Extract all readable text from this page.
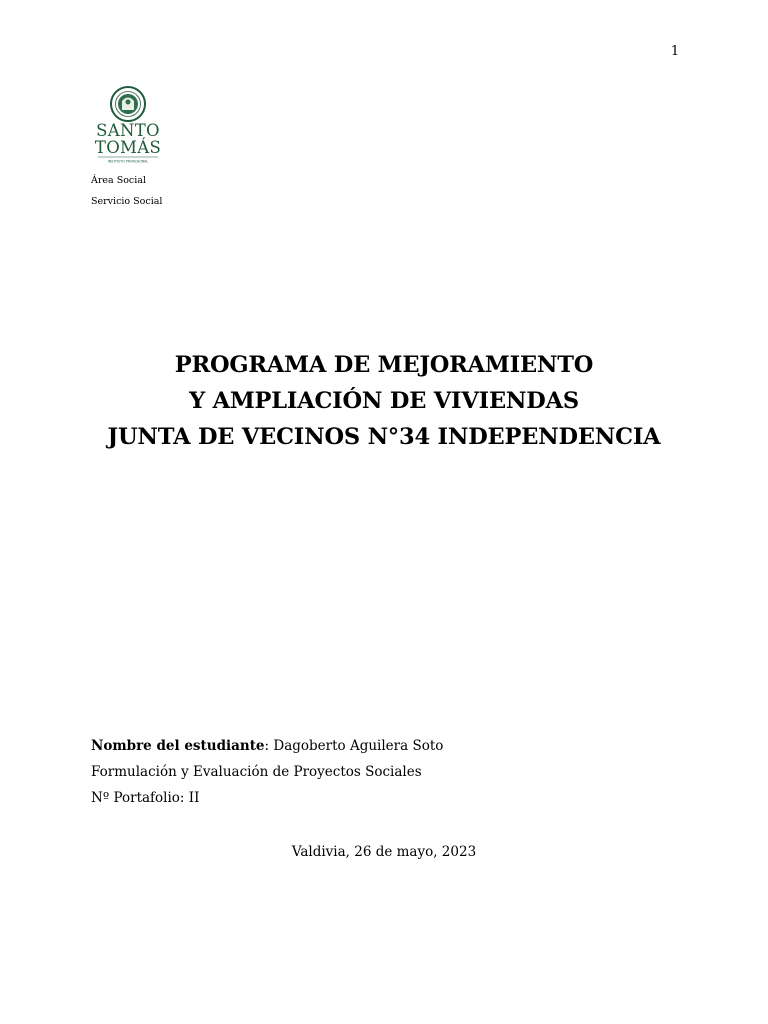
1
SANTO
TOMÁS
INSTITUTO PROFESIONAL
Área Social
Servicio Social
PROGRAMA DE MEJORAMIENTO
Y AMPLIACIÓN DE VIVIENDAS
JUNTA DE VECINOS N°34 INDEPENDENCIA
Nombre del estudiante: Dagoberto Aguilera Soto
Formulación y Evaluación de Proyectos Sociales
Nº Portafolio: II
Valdivia, 26 de mayo, 2023
